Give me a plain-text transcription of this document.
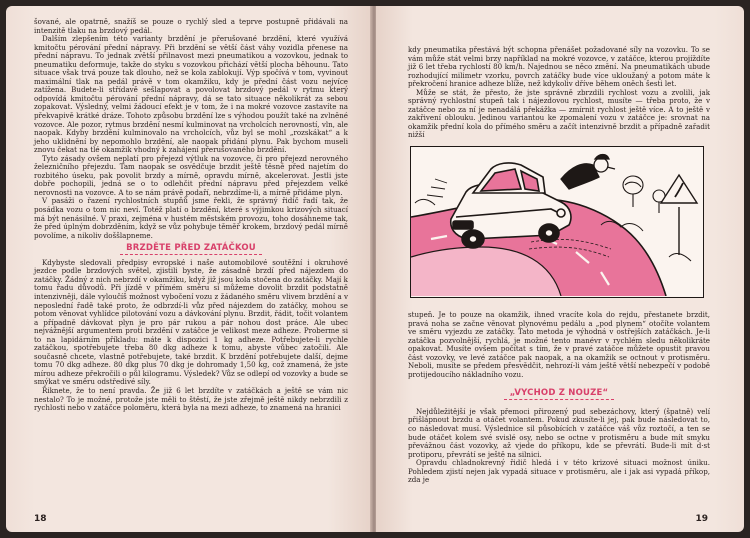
šované, ale opatrně, snažíš se pouze o rychlý sled a teprve postupně přidávali na intenzitě tlaku na brzdový pedál.

Dalším zlepšením této varianty brzdění je přerušované brzdění, které využívá kmitočtu pérování přední nápravy. Při brzdění se větší část váhy vozidla přenese na přední nápravu. To jednak zvětší přilnavost mezi pneumatikou a vozovkou, jednak to pneumatiku deformuje, takže do styku s vozovkou přichází větší plocha běhounu. Tato situace však trvá pouze tak dlouho, než se kola zablokují. Výp spočívá v tom, vyvinout maximální tlak na pedál právě v tom okamžiku, kdy je přední část vozu nejvíce zatížena. Budete-li střídavě sešlapovat a povolovat brzdový pedál v rytmu který odpovídá kmitočtu pérování přední nápravy, dá se tato situace několikrát za sebou zopakovat. Výsledný, velmi žádoucí efekt je v tom, že i na mokré vozovce zastavíte na překvapivě krátké dráze. Tohoto způsobu brzdění lze s výhodou použít také na zvlněné vozovce. Ale pozor, rytmus brzdění nesmí kulminovat na vrcholcích nerovností, vln, ale naopak. Kdyby brzdění kulminovalo na vrcholcích, vůz byl se mohl „rozskákat“ a k jeho uklidnění by nepomohlo brzdění, ale naopak přidání plynu. Pak bychom museli znovu čekat na tlé okamžik vhodný k zahájení přerušovaného brzdění.

Tyto zásady ovšem neplatí pro přejezd výtluk na vozovce, či pro přejezd nerovného železničního přejezdu. Tam naopak se osvědčuje brzdit ještě těsně před najetím do rozbitého úseku, pak povolit brzdy a mírně, opravdu mírně, akcelerovat. Jestli jste dobře pochopili, jedná se o to odlehčit přední nápravu před přejezdem velké nerovnosti na vozovce. A to se nám právě podaří, nebrzdíme-li, a mírně přidáme plyn.

V pasáži o řazení rychlostních stupňů jsme řekli, že správný řidič řadí tak, že posádka vozu o tom nic neví. Totéž platí o brzdění, které s výjimkou krizových situací má být nenásilné. V praxi, zejména v hustém městském provozu, toho dosáhneme tak, že před úplným dobrzděním, když se vůz pohybuje těměř krokem, brzdový pedál mírně povolíme, a nikoliv doššlapneme.

BRZDĚTE PŘED ZATÁČKOU

Kdybyste sledovali předpisy evropské i naše automobilové soutěžní i okruhové jezdce podle brzdových světel, zjistili byste, že zásadně brzdí před nájezdem do zatáčky. Žádný z nich nebrzdí v okamžiku, když již jsou kola stočena do zatáčky. Mají k tomu řadu důvodů. Při jízdě v přímém směru si můžeme dovolit brzdit podstatně intenzivněji, dále vyloučíš možnost vybočení vozu z žádaného směru vlivem brzdění a v neposlední řadě také proto, že odbrzdí-li vůz před nájezdem do zatáčky, mohou se potom věnovat vyhlídce pilotování vozu a dávkování plynu. Brzdit, řádit, točit volantem a případně dávkovat plyn je pro pár rukou a pár nohou dost práce. Ale ubec nejvážnější argumentem proti brzdění v zatáčce je velikost meze adheze. Proberme si to na lapidárním příkladu: máte k dispozici 1 kg adheze. Potřebujete-li rychle zatáčkou, spotřebujete třeba 80 dkg adheze k tomu, abyste vůbec zatočili. Ale současně chcete, vlastně potřebujete, také brzdit. K brzdění potřebujete další, dejme tomu 70 dkg adheze. 80 dkg plus 70 dkg je dohromady 1,50 kg, což znamená, že jste mírou adheze překročili o půl kilogramu. Výsledek? Vůz se odlepí od vozovky a bude se smýkat ve směru odstředivé síly.

Řiknete, že to není pravda. Že již 6 let brzdíte v zatáčkách a ještě se vám nic nestalo? To je možné, protože jste měli to štěstí, že jste zřejmě ještě nikdy nebrzdili z rychlosti nebo v zatáčce poloměru, která byla na mezi adheze, to znamená na hranici

18

kdy pneumatika přestává být schopna přenášet požadované síly na vozovku. To se vám může stát velmi brzy například na mokré vozovce, v zatáčce, kterou projíždíte již 6 let třeba rychlostí 80 km/h. Najednou se něco změní. Na pneumatikách ubude rozhodující milimetr vzorku, povrch zatáčky bude více ukloužaný a potom máte k překročení hranice adheze blíže, než kdykoliv dříve během oněch šesti let.

Může se stát, že přesto, že jste správně zbrzdili rychlost vozu a zvolili, jak správný rychlostní stupeň tak i nájezdovou rychlost, musíte — třeba proto, že v zatáčce nebo za ní je nenadálá překážka — zmírnit rychlost ještě více. A to ještě v zakřivení oblouku. Jedinou variantou ke zpomalení vozu v zatáčce je: srovnat na okamžik přední kola do přímého směru a začít intenzivně brzdit a případně zařadit nižší

stupeň. Je to pouze na okamžik, ihned vracíte kola do rejdu, přestanete brzdit, pravá noha se začne věnovat plynovému pedálu a „pod plynem“ otočíte volantem ve směru vyjezdu ze zatáčky. Tato metoda je výhodná v ostřejších zatáčkách. Je-li zatáčka pozvolnější, rychlá, je možné tento manévr v rychlém sledu několikráte opakovat. Musíte ovšem počítat s tím, že v pravé zatáčce můžete opustit pravou část vozovky, ve levé zatáčce pak naopak, a na okamžik se octnout v protisměru. Neboli, musíte se předem přesvědčit, nehrozí-li vám ještě větší nebezpečí v podobě protijedoucího nákladního vozu.

„VYCHOD Z NOUZE“

Nejdůležitější je však přemoci přirozený pud sebezáchovy, který (špatně) velí přišlápnout brzdu a otáčet volantem. Pokud zkusíte-li jej, pak bude následovat to, co následovat musí. Výslednice sil působících v zatáčce váš vůz roztočí, a ten se bude otáčet kolem své svislé osy, nebo se octne v protisměru a bude mít smyku převážnou část vozovky, až vjede do příkopu, kde se převrátí. Bude-li mít d·st protiporu, převrátí se ještě na silnici.

Opravdu chladnokrevný řidič hledá i v této krizové situaci možnost úniku. Pohledem zjistí nejen jak vypadá situace v protisměru, ale i jak asi vypadá příkop, zda je

19
